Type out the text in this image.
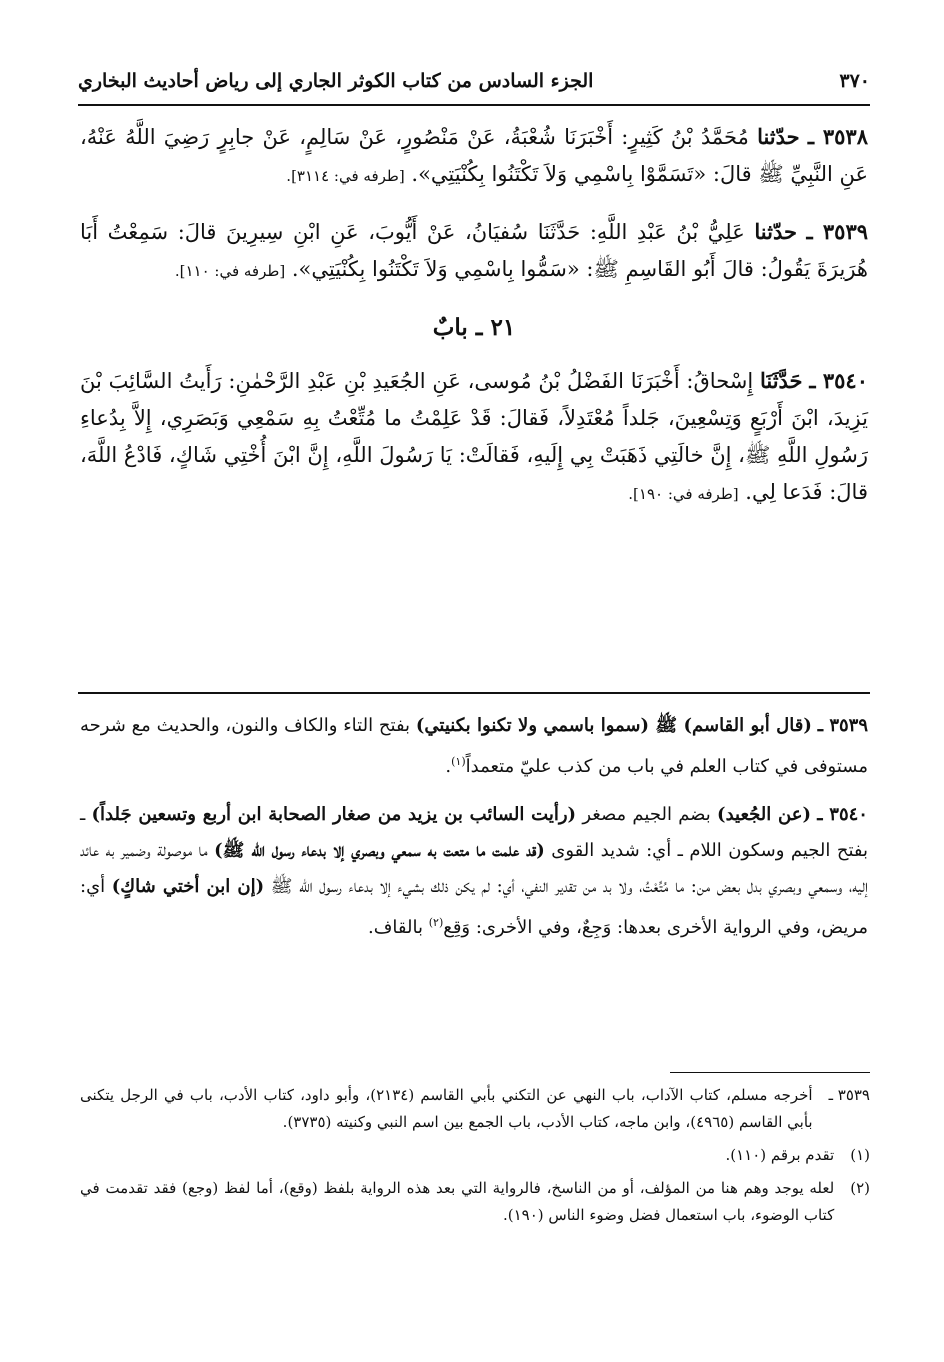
٣٧٠
الجزء السادس من كتاب الكوثر الجاري إلى رياض أحاديث البخاري

٣٥٣٨ ـ حدّثنا مُحَمَّدُ بْنُ كَثِيرٍ: أَخْبَرَنَا شُعْبَةُ، عَنْ مَنْصُورٍ، عَنْ سَالِمٍ، عَنْ جابِرٍ رَضِيَ اللَّهُ عَنْهُ، عَنِ النَّبِيِّ ﷺ قالَ: «تَسَمَّوْا بِاسْمِي وَلاَ تَكْتَنُوا بِكُنْيَتِي». [طرفه في: ٣١١٤].

٣٥٣٩ ـ حدّثنا عَلِيُّ بْنُ عَبْدِ اللَّهِ: حَدَّثَنَا سُفيَانُ، عَنْ أَيُّوبَ، عَنِ ابْنِ سِيرِينَ قالَ: سَمِعْتُ أَبَا هُرَيرَةَ يَقُولُ: قالَ أَبُو القَاسِمِ ﷺ: «سَمُّوا بِاسْمِي وَلاَ تَكْتَنُوا بِكُنْيَتِي». [طرفه في: ١١٠].

٢١ ـ بابٌ

٣٥٤٠ ـ حَدَّثَنَا إِسْحاقُ: أَخْبَرَنَا الفَضْلُ بْنُ مُوسى، عَنِ الجُعَيدِ بْنِ عَبْدِ الرَّحْمٰنِ: رَأَيتُ السَّائِبَ بْنَ يَزِيدَ، ابْنَ أَرْبَعٍ وَتِسْعِينَ، جَلداً مُعْتَدِلاً، فَقالَ: قَدْ عَلِمْتُ ما مُتِّعْتُ بِهِ سَمْعِي وَبَصَرِي، إِلاَّ بِدُعاءِ رَسُولِ اللَّهِ ﷺ، إِنَّ خالَتِي ذَهَبَتْ بِي إِلَيهِ، فَقالَتْ: يَا رَسُولَ اللَّهِ، إِنَّ ابْنَ أُخْتِي شَاكٍ، فَادْعُ اللَّهَ، قالَ: فَدَعا لِي. [طرفه في: ١٩٠].

٣٥٣٩ ـ (قال أبو القاسم) ﷺ (سموا باسمي ولا تكنوا بكنيتي) بفتح التاء والكاف والنون، والحديث مع شرحه مستوفى في كتاب العلم في باب من كذب عليّ متعمداً$^{(١)}$.

٣٥٤٠ ـ (عن الجُعيد) بضم الجيم مصغر (رأيت السائب بن يزيد من صغار الصحابة ابن أربع وتسعين جَلداً) ـ بفتح الجيم وسكون اللام ـ أي: شديد القوى (قد علمت ما متعت به سمعي وبصري إلا بدعاء رسول الله ﷺ) ما موصولة وضمير به عائد إليه، وسمعي وبصري بدل بعض من: ما مُتِّعْتُ، ولا بد من تقدير النفي، أي: لم يكن ذلك بشيء إلا بدعاء رسول الله ﷺ (إن ابن أختي شاكٍ) أي: مريض، وفي الرواية الأخرى بعدها: وَجِعٌ، وفي الأخرى: وَقِع$^{(٢)}$ بالقاف.

٣٥٣٩ ـ
أخرجه مسلم، كتاب الآداب، باب النهي عن التكني بأبي القاسم (٢١٣٤)، وأبو داود، كتاب الأدب، باب في الرجل يتكنى بأبي القاسم (٤٩٦٥)، وابن ماجه، كتاب الأدب، باب الجمع بين اسم النبي وكنيته (٣٧٣٥).
(١)
تقدم برقم (١١٠).
(٢)
لعله يوجد وهم هنا من المؤلف، أو من الناسخ، فالرواية التي بعد هذه الرواية بلفظ (وقع)، أما لفظ (وجع) فقد تقدمت في كتاب الوضوء، باب استعمال فضل وضوء الناس (١٩٠).
